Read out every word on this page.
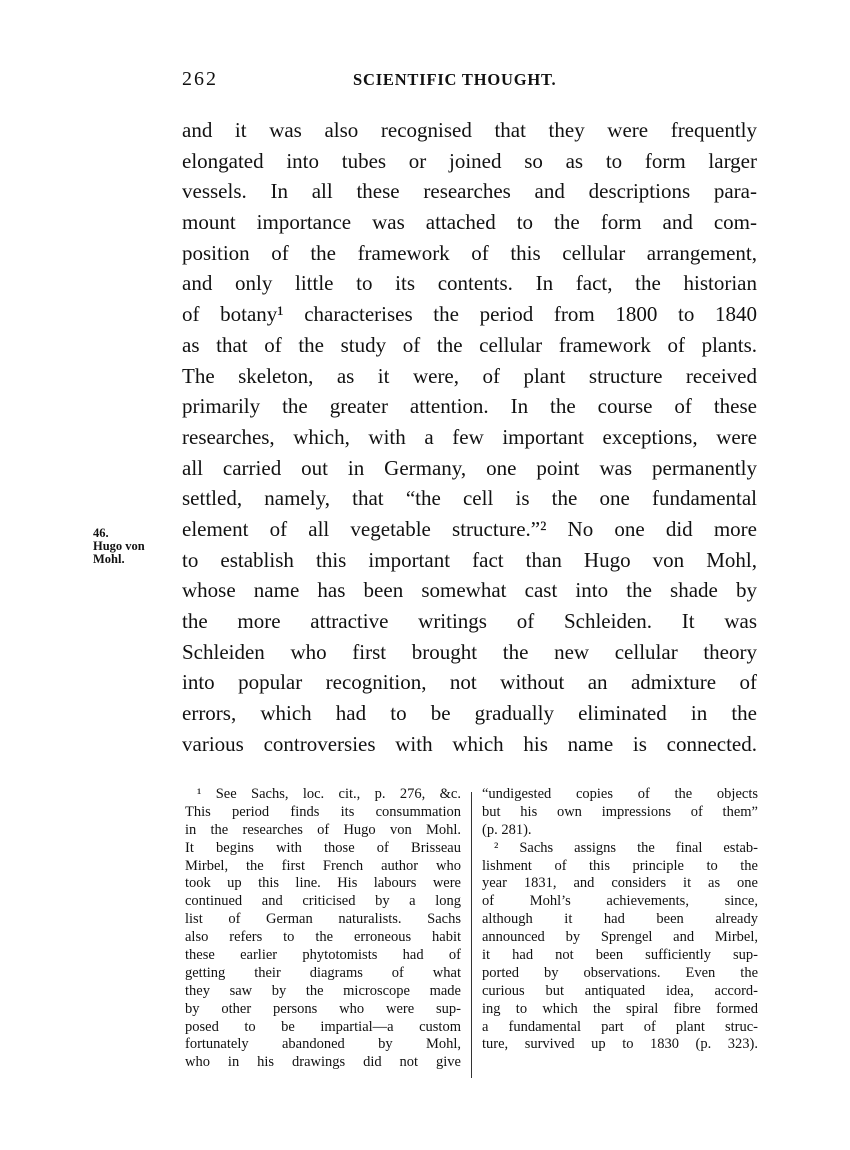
262	SCIENTIFIC THOUGHT.
46.
Hugo von
Mohl.
and it was also recognised that they were frequently
elongated into tubes or joined so as to form larger
vessels. In all these researches and descriptions para-
mount importance was attached to the form and com-
position of the framework of this cellular arrangement,
and only little to its contents. In fact, the historian
of botany¹ characterises the period from 1800 to 1840
as that of the study of the cellular framework of plants.
The skeleton, as it were, of plant structure received
primarily the greater attention. In the course of these
researches, which, with a few important exceptions, were
all carried out in Germany, one point was permanently
settled, namely, that “the cell is the one fundamental
element of all vegetable structure.”² No one did more
to establish this important fact than Hugo von Mohl,
whose name has been somewhat cast into the shade by
the more attractive writings of Schleiden. It was
Schleiden who first brought the new cellular theory
into popular recognition, not without an admixture of
errors, which had to be gradually eliminated in the
various controversies with which his name is connected.
¹ See Sachs, loc. cit., p. 276, &c.
This period finds its consummation
in the researches of Hugo von Mohl.
It begins with those of Brisseau
Mirbel, the first French author who
took up this line. His labours were
continued and criticised by a long
list of German naturalists. Sachs
also refers to the erroneous habit
these earlier phytotomists had of
getting their diagrams of what
they saw by the microscope made
by other persons who were sup-
posed to be impartial—a custom
fortunately abandoned by Mohl,
who in his drawings did not give
“undigested copies of the objects
but his own impressions of them”
(p. 281).
² Sachs assigns the final estab-
lishment of this principle to the
year 1831, and considers it as one
of Mohl’s achievements, since,
although it had been already
announced by Sprengel and Mirbel,
it had not been sufficiently sup-
ported by observations. Even the
curious but antiquated idea, accord-
ing to which the spiral fibre formed
a fundamental part of plant struc-
ture, survived up to 1830 (p. 323).
